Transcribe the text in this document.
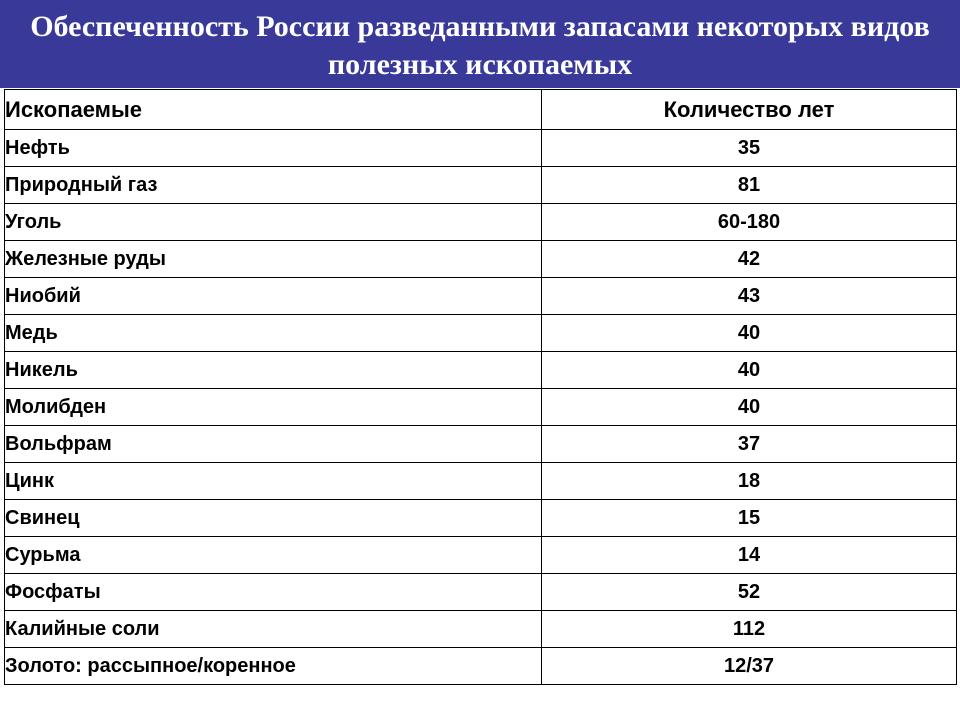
Обеспеченность России разведанными запасами некоторых видов полезных ископаемых
Ископаемые	Количество лет
Нефть	35
Природный газ	81
Уголь	60-180
Железные руды	42
Ниобий	43
Медь	40
Никель	40
Молибден	40
Вольфрам	37
Цинк	18
Свинец	15
Сурьма	14
Фосфаты	52
Калийные соли	112
Золото: рассыпное/коренное	12/37
